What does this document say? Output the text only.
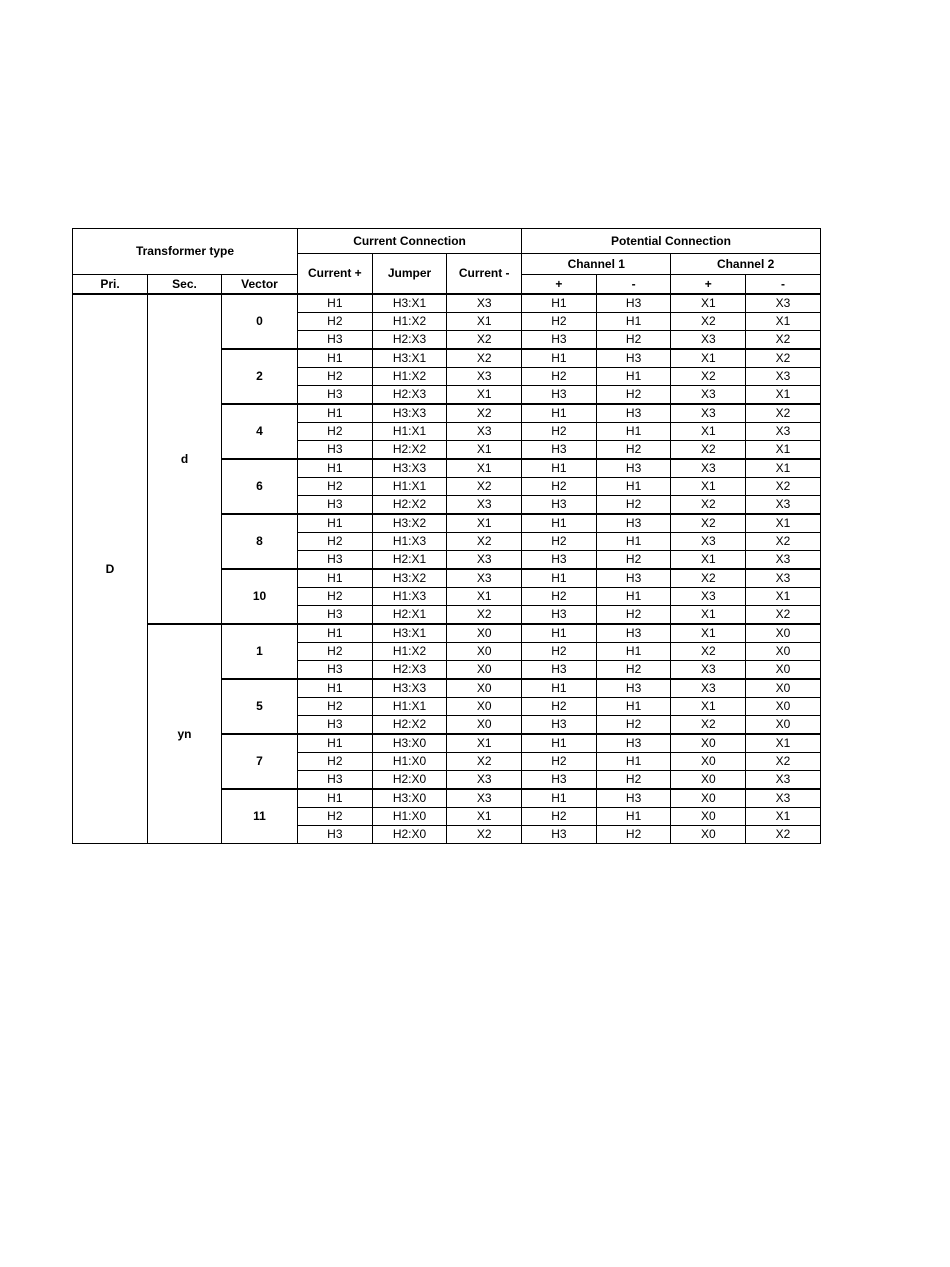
Transformer type			Current Connection			Potential Connection			
			Current +	Jumper	Current -	Channel 1		Channel 2	
Pri.	Sec.	Vector				+	-	+	-
D	d	0	H1	H3:X1	X3	H1	H3	X1	X3
			H2	H1:X2	X1	H2	H1	X2	X1
			H3	H2:X3	X2	H3	H2	X3	X2
		2	H1	H3:X1	X2	H1	H3	X1	X2
			H2	H1:X2	X3	H2	H1	X2	X3
			H3	H2:X3	X1	H3	H2	X3	X1
		4	H1	H3:X3	X2	H1	H3	X3	X2
			H2	H1:X1	X3	H2	H1	X1	X3
			H3	H2:X2	X1	H3	H2	X2	X1
		6	H1	H3:X3	X1	H1	H3	X3	X1
			H2	H1:X1	X2	H2	H1	X1	X2
			H3	H2:X2	X3	H3	H2	X2	X3
		8	H1	H3:X2	X1	H1	H3	X2	X1
			H2	H1:X3	X2	H2	H1	X3	X2
			H3	H2:X1	X3	H3	H2	X1	X3
		10	H1	H3:X2	X3	H1	H3	X2	X3
			H2	H1:X3	X1	H2	H1	X3	X1
			H3	H2:X1	X2	H3	H2	X1	X2
	yn	1	H1	H3:X1	X0	H1	H3	X1	X0
			H2	H1:X2	X0	H2	H1	X2	X0
			H3	H2:X3	X0	H3	H2	X3	X0
		5	H1	H3:X3	X0	H1	H3	X3	X0
			H2	H1:X1	X0	H2	H1	X1	X0
			H3	H2:X2	X0	H3	H2	X2	X0
		7	H1	H3:X0	X1	H1	H3	X0	X1
			H2	H1:X0	X2	H2	H1	X0	X2
			H3	H2:X0	X3	H3	H2	X0	X3
		11	H1	H3:X0	X3	H1	H3	X0	X3
			H2	H1:X0	X1	H2	H1	X0	X1
			H3	H2:X0	X2	H3	H2	X0	X2
